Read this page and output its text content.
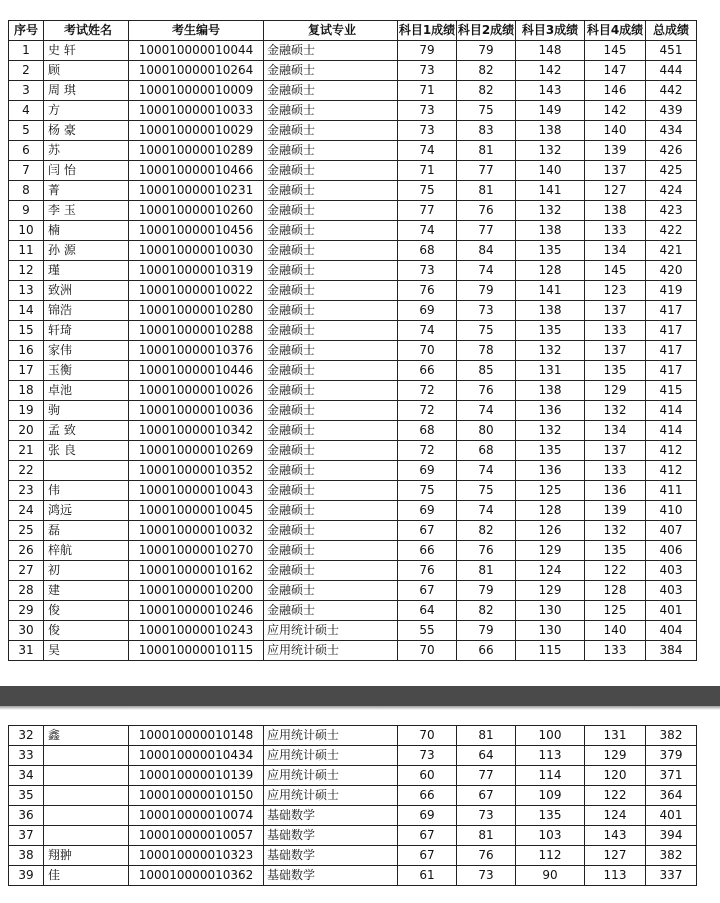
序号	考试姓名	考生编号	复试专业	科目1成绩	科目2成绩	科目3成绩	科目4成绩	总成绩
1	史 轩	100010000010044	金融硕士	79	79	148	145	451
2	顾	100010000010264	金融硕士	73	82	142	147	444
3	周 琪	100010000010009	金融硕士	71	82	143	146	442
4	方	100010000010033	金融硕士	73	75	149	142	439
5	杨 豪	100010000010029	金融硕士	73	83	138	140	434
6	苏	100010000010289	金融硕士	74	81	132	139	426
7	闫 怡	100010000010466	金融硕士	71	77	140	137	425
8	菁	100010000010231	金融硕士	75	81	141	127	424
9	李 玉	100010000010260	金融硕士	77	76	132	138	423
10	楠	100010000010456	金融硕士	74	77	138	133	422
11	孙 源	100010000010030	金融硕士	68	84	135	134	421
12	瑾	100010000010319	金融硕士	73	74	128	145	420
13	致洲	100010000010022	金融硕士	76	79	141	123	419
14	锦浩	100010000010280	金融硕士	69	73	138	137	417
15	轩琦	100010000010288	金融硕士	74	75	135	133	417
16	家伟	100010000010376	金融硕士	70	78	132	137	417
17	玉衡	100010000010446	金融硕士	66	85	131	135	417
18	卓池	100010000010026	金融硕士	72	76	138	129	415
19	驹	100010000010036	金融硕士	72	74	136	132	414
20	孟 致	100010000010342	金融硕士	68	80	132	134	414
21	张 良	100010000010269	金融硕士	72	68	135	137	412
22		100010000010352	金融硕士	69	74	136	133	412
23	伟	100010000010043	金融硕士	75	75	125	136	411
24	鸿远	100010000010045	金融硕士	69	74	128	139	410
25	磊	100010000010032	金融硕士	67	82	126	132	407
26	梓航	100010000010270	金融硕士	66	76	129	135	406
27	初	100010000010162	金融硕士	76	81	124	122	403
28	建	100010000010200	金融硕士	67	79	129	128	403
29	俊	100010000010246	金融硕士	64	82	130	125	401
30	俊	100010000010243	应用统计硕士	55	79	130	140	404
31	昊	100010000010115	应用统计硕士	70	66	115	133	384
32	鑫	100010000010148	应用统计硕士	70	81	100	131	382
33		100010000010434	应用统计硕士	73	64	113	129	379
34		100010000010139	应用统计硕士	60	77	114	120	371
35		100010000010150	应用统计硕士	66	67	109	122	364
36		100010000010074	基础数学	69	73	135	124	401
37		100010000010057	基础数学	67	81	103	143	394
38	翔翀	100010000010323	基础数学	67	76	112	127	382
39	佳	100010000010362	基础数学	61	73	90	113	337
